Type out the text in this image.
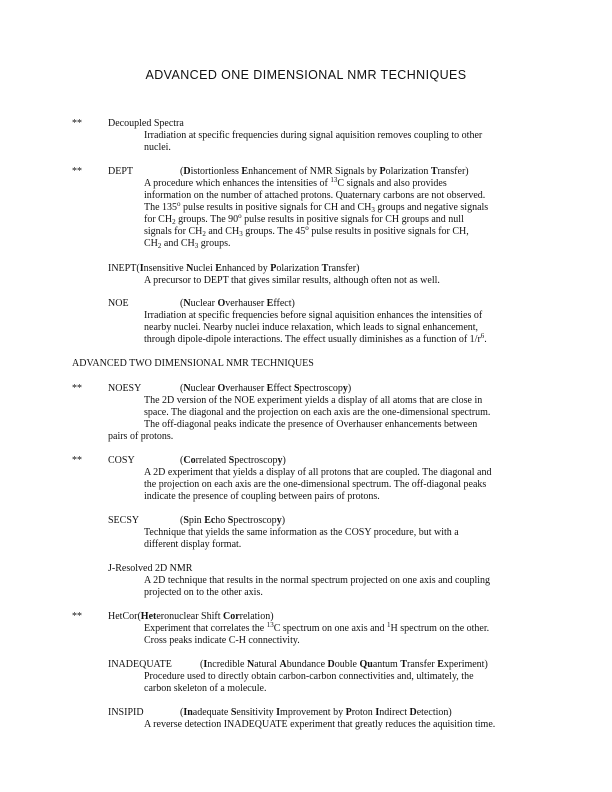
ADVANCED ONE DIMENSIONAL NMR TECHNIQUES
**	Decoupled Spectra
Irradiation at specific frequencies during signal aquisition removes coupling to other
nuclei.
**	DEPT	(Distortionless Enhancement of NMR Signals by Polarization Transfer)
A procedure which enhances the intensities of $^{13}$C signals and also provides
information on the number of attached protons. Quaternary carbons are not observed.
The 135$^o$ pulse results in positive signals for CH and $CH_3$ groups and negative signals
for $CH_2$ groups. The 90$^o$ pulse results in positive signals for CH groups and null
signals for $CH_2$ and $CH_3$ groups. The 45$^o$ pulse results in positive signals for CH,
$CH_2$ and $CH_3$ groups.
INEPT(Insensitive Nuclei Enhanced by Polarization Transfer)
A precursor to DEPT that gives similar results, although often not as well.
NOE	(Nuclear Overhauser Effect)
Irradiation at specific frequencies before signal aquisition enhances the intensities of
nearby nuclei. Nearby nuclei induce relaxation, which leads to signal enhancement,
through dipole-dipole interactions. The effect usually diminishes as a function of $1/r^6$.
ADVANCED TWO DIMENSIONAL NMR TECHNIQUES
**	NOESY	(Nuclear Overhauser Effect Spectroscopy)
The 2D version of the NOE experiment yields a display of all atoms that are close in
space. The diagonal and the projection on each axis are the one-dimensional spectrum.
The off-diagonal peaks indicate the presence of Overhauser enhancements between
pairs of protons.
**	COSY	(Correlated Spectroscopy)
A 2D experiment that yields a display of all protons that are coupled. The diagonal and
the projection on each axis are the one-dimensional spectrum. The off-diagonal peaks
indicate the presence of coupling between pairs of protons.
SECSY	(Spin Echo Spectroscopy)
Technique that yields the same information as the COSY procedure, but with a
different display format.
J-Resolved 2D NMR
A 2D technique that results in the normal spectrum projected on one axis and coupling
projected on to the other axis.
**	HetCor(Heteronuclear Shift Correlation)
Experiment that correlates the $^{13}$C spectrum on one axis and $^1$H spectrum on the other.
Cross peaks indicate C-H connectivity.
INADEQUATE	(Incredible Natural Abundance Double Quantum Transfer Experiment)
Procedure used to directly obtain carbon-carbon connectivities and, ultimately, the
carbon skeleton of a molecule.
INSIPID	(Inadequate Sensitivity Improvement by Proton Indirect Detection)
A reverse detection INADEQUATE experiment that greatly reduces the aquisition time.
